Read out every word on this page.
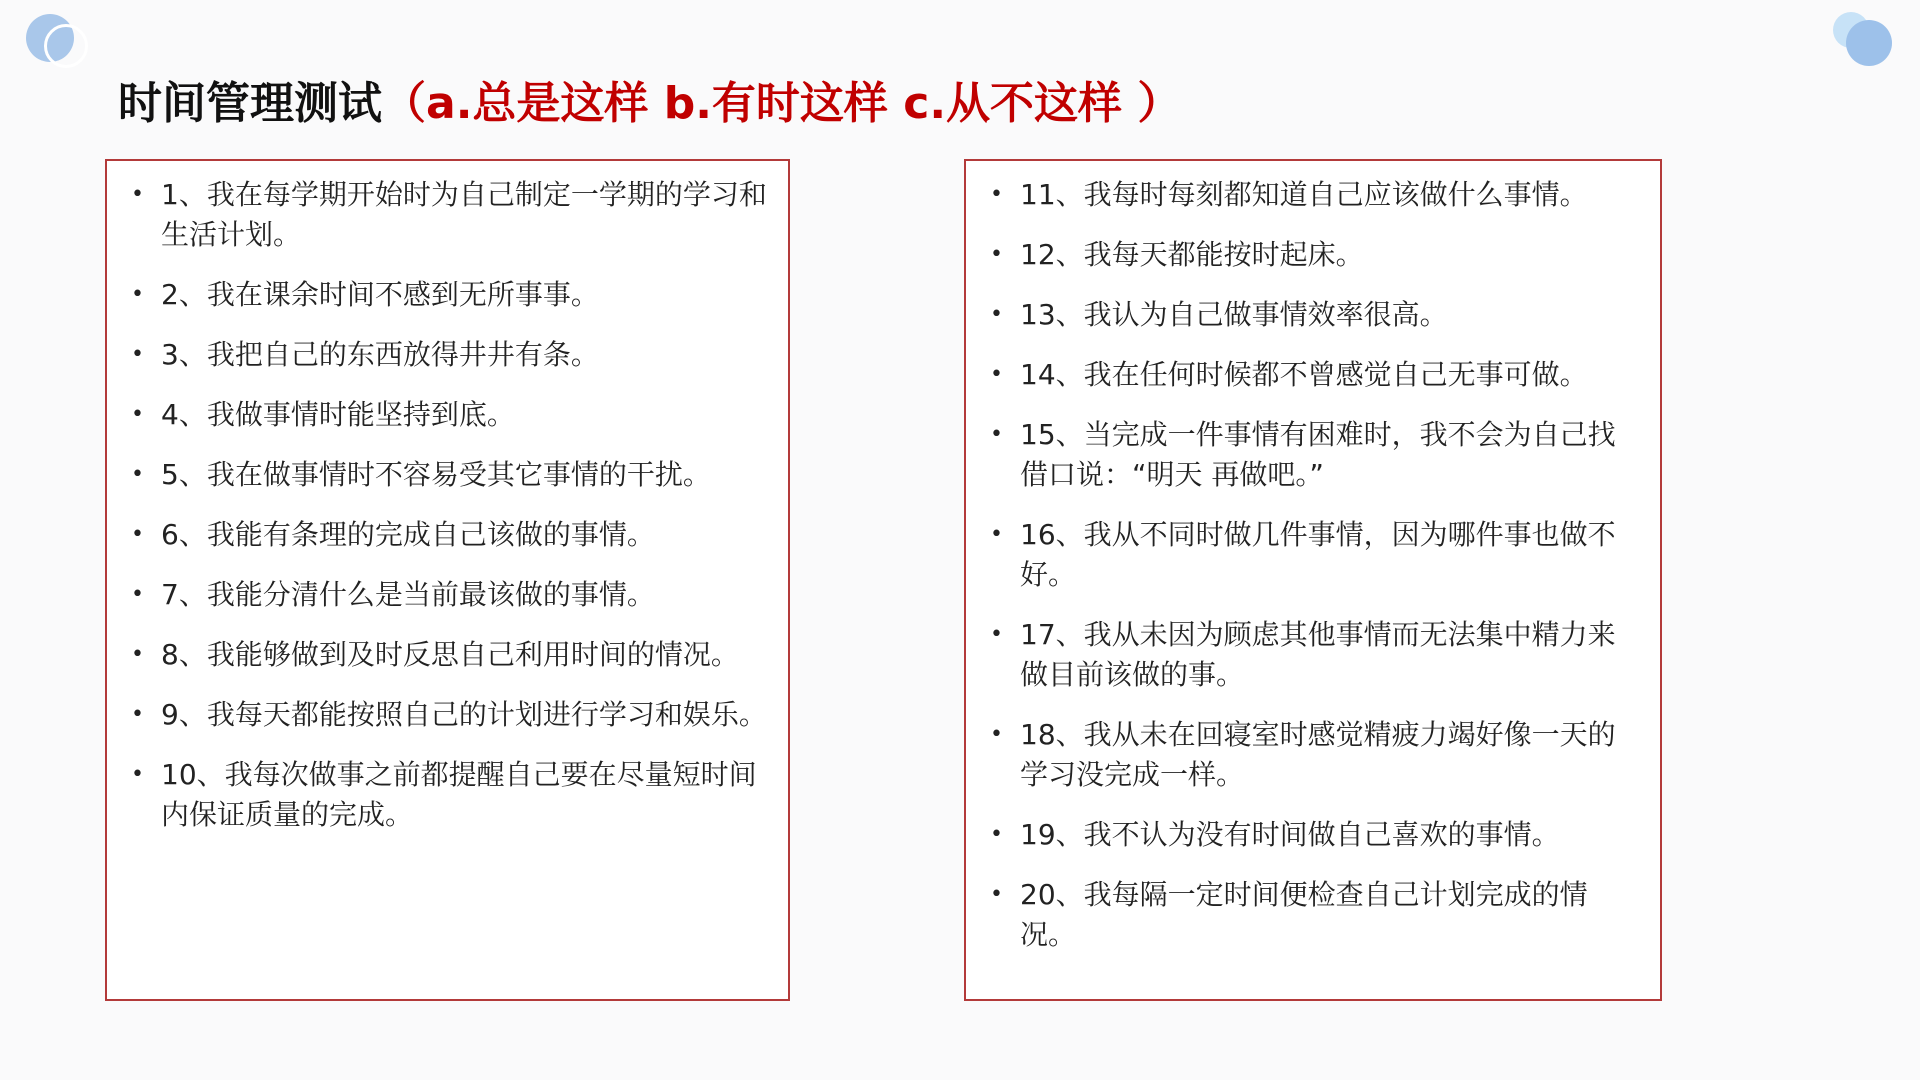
时间管理测试（a.总是这样 b.有时这样 c.从不这样 ）
• 1、我在每学期开始时为自己制定一学期的学习和生活计划。
• 2、我在课余时间不感到无所事事。
• 3、我把自己的东西放得井井有条。
• 4、我做事情时能坚持到底。
• 5、我在做事情时不容易受其它事情的干扰。
• 6、我能有条理的完成自己该做的事情。
• 7、我能分清什么是当前最该做的事情。
• 8、我能够做到及时反思自己利用时间的情况。
• 9、我每天都能按照自己的计划进行学习和娱乐。
• 10、我每次做事之前都提醒自己要在尽量短时间内保证质量的完成。
• 11、我每时每刻都知道自己应该做什么事情。
• 12、我每天都能按时起床。
• 13、我认为自己做事情效率很高。
• 14、我在任何时候都不曾感觉自己无事可做。
• 15、当完成一件事情有困难时，我不会为自己找借口说：“明天 再做吧。”
• 16、我从不同时做几件事情，因为哪件事也做不好。
• 17、我从未因为顾虑其他事情而无法集中精力来做目前该做的事。
• 18、我从未在回寝室时感觉精疲力竭好像一天的学习没完成一样。
• 19、我不认为没有时间做自己喜欢的事情。
• 20、我每隔一定时间便检查自己计划完成的情况。
